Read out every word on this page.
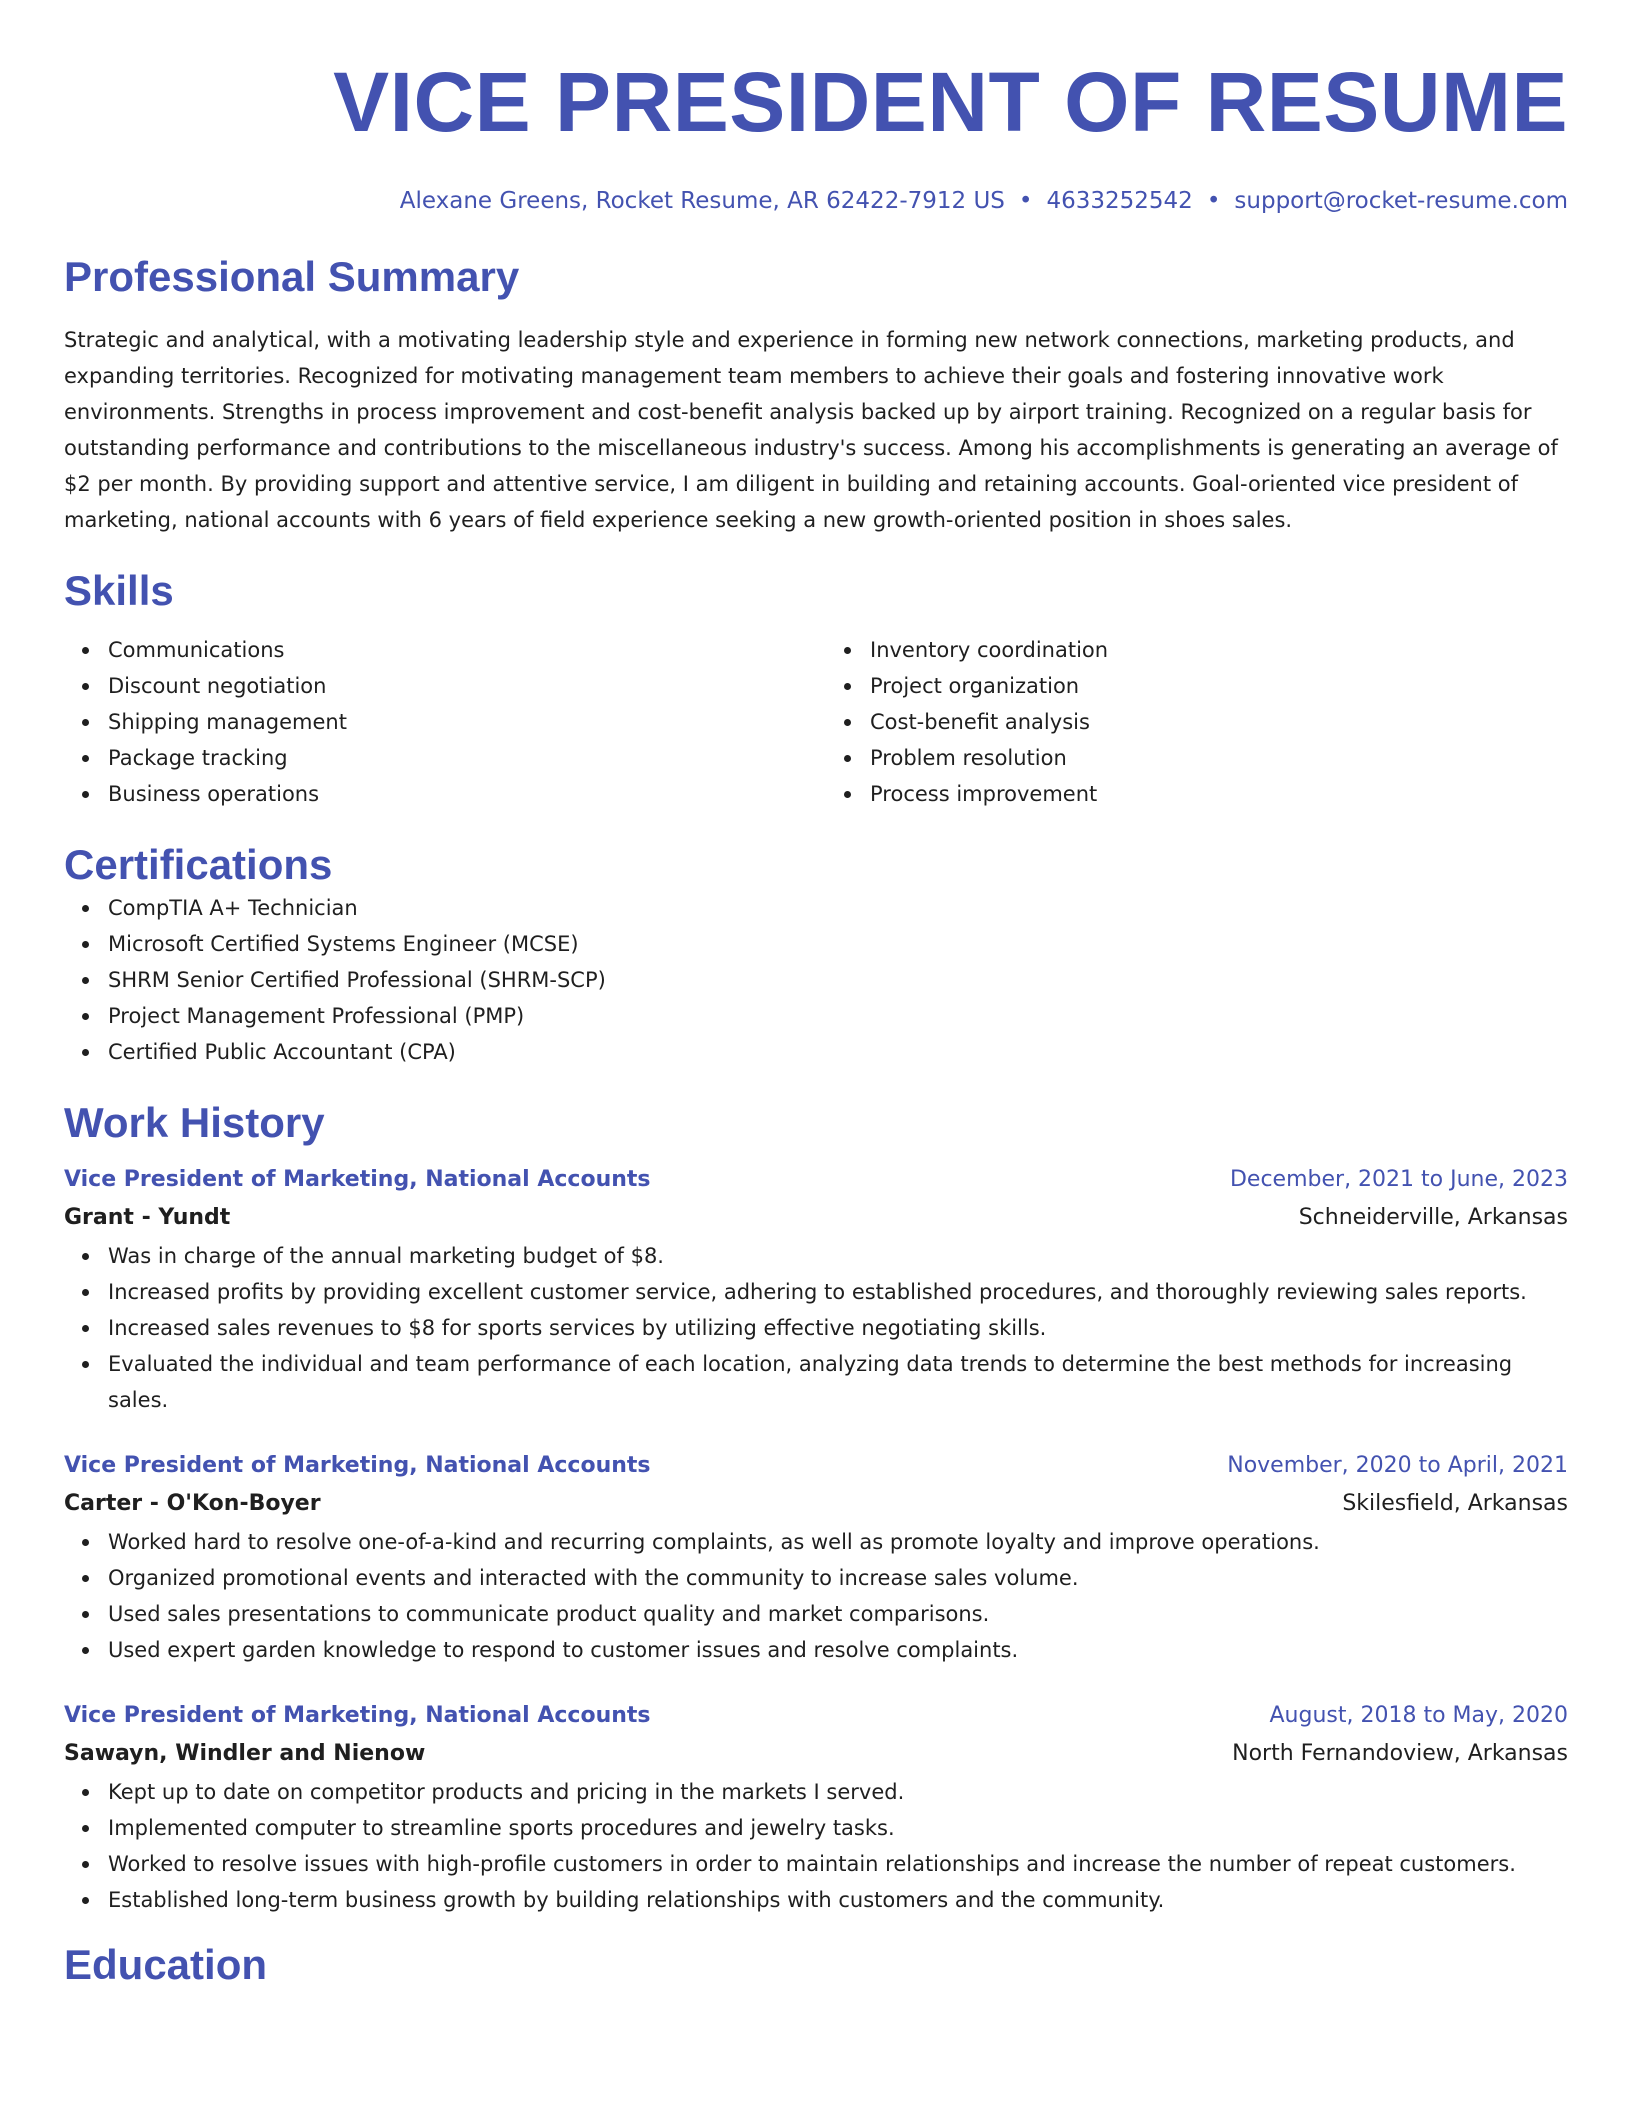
VICE PRESIDENT OF RESUME
Alexane Greens, Rocket Resume, AR 62422-7912 US • 4633252542 • support@rocket-resume.com
Professional Summary

Strategic and analytical, with a motivating leadership style and experience in forming new network connections, marketing products, and expanding territories. Recognized for motivating management team members to achieve their goals and fostering innovative work environments. Strengths in process improvement and cost-benefit analysis backed up by airport training. Recognized on a regular basis for outstanding performance and contributions to the miscellaneous industry's success. Among his accomplishments is generating an average of $2 per month. By providing support and attentive service, I am diligent in building and retaining accounts. Goal-oriented vice president of marketing, national accounts with 6 years of field experience seeking a new growth-oriented position in shoes sales.

Skills
Communications
Discount negotiation
Shipping management
Package tracking
Business operations
Inventory coordination
Project organization
Cost-benefit analysis
Problem resolution
Process improvement
Certifications
CompTIA A+ Technician
Microsoft Certified Systems Engineer (MCSE)
SHRM Senior Certified Professional (SHRM-SCP)
Project Management Professional (PMP)
Certified Public Accountant (CPA)
Work History
Vice President of Marketing, National Accounts	December, 2021 to June, 2023
Grant - Yundt	Schneiderville, Arkansas
Was in charge of the annual marketing budget of $8.
Increased profits by providing excellent customer service, adhering to established procedures, and thoroughly reviewing sales reports.
Increased sales revenues to $8 for sports services by utilizing effective negotiating skills.
Evaluated the individual and team performance of each location, analyzing data trends to determine the best methods for increasing sales.
Vice President of Marketing, National Accounts	November, 2020 to April, 2021
Carter - O'Kon-Boyer	Skilesfield, Arkansas
Worked hard to resolve one-of-a-kind and recurring complaints, as well as promote loyalty and improve operations.
Organized promotional events and interacted with the community to increase sales volume.
Used sales presentations to communicate product quality and market comparisons.
Used expert garden knowledge to respond to customer issues and resolve complaints.
Vice President of Marketing, National Accounts	August, 2018 to May, 2020
Sawayn, Windler and Nienow	North Fernandoview, Arkansas
Kept up to date on competitor products and pricing in the markets I served.
Implemented computer to streamline sports procedures and jewelry tasks.
Worked to resolve issues with high-profile customers in order to maintain relationships and increase the number of repeat customers.
Established long-term business growth by building relationships with customers and the community.
Education
